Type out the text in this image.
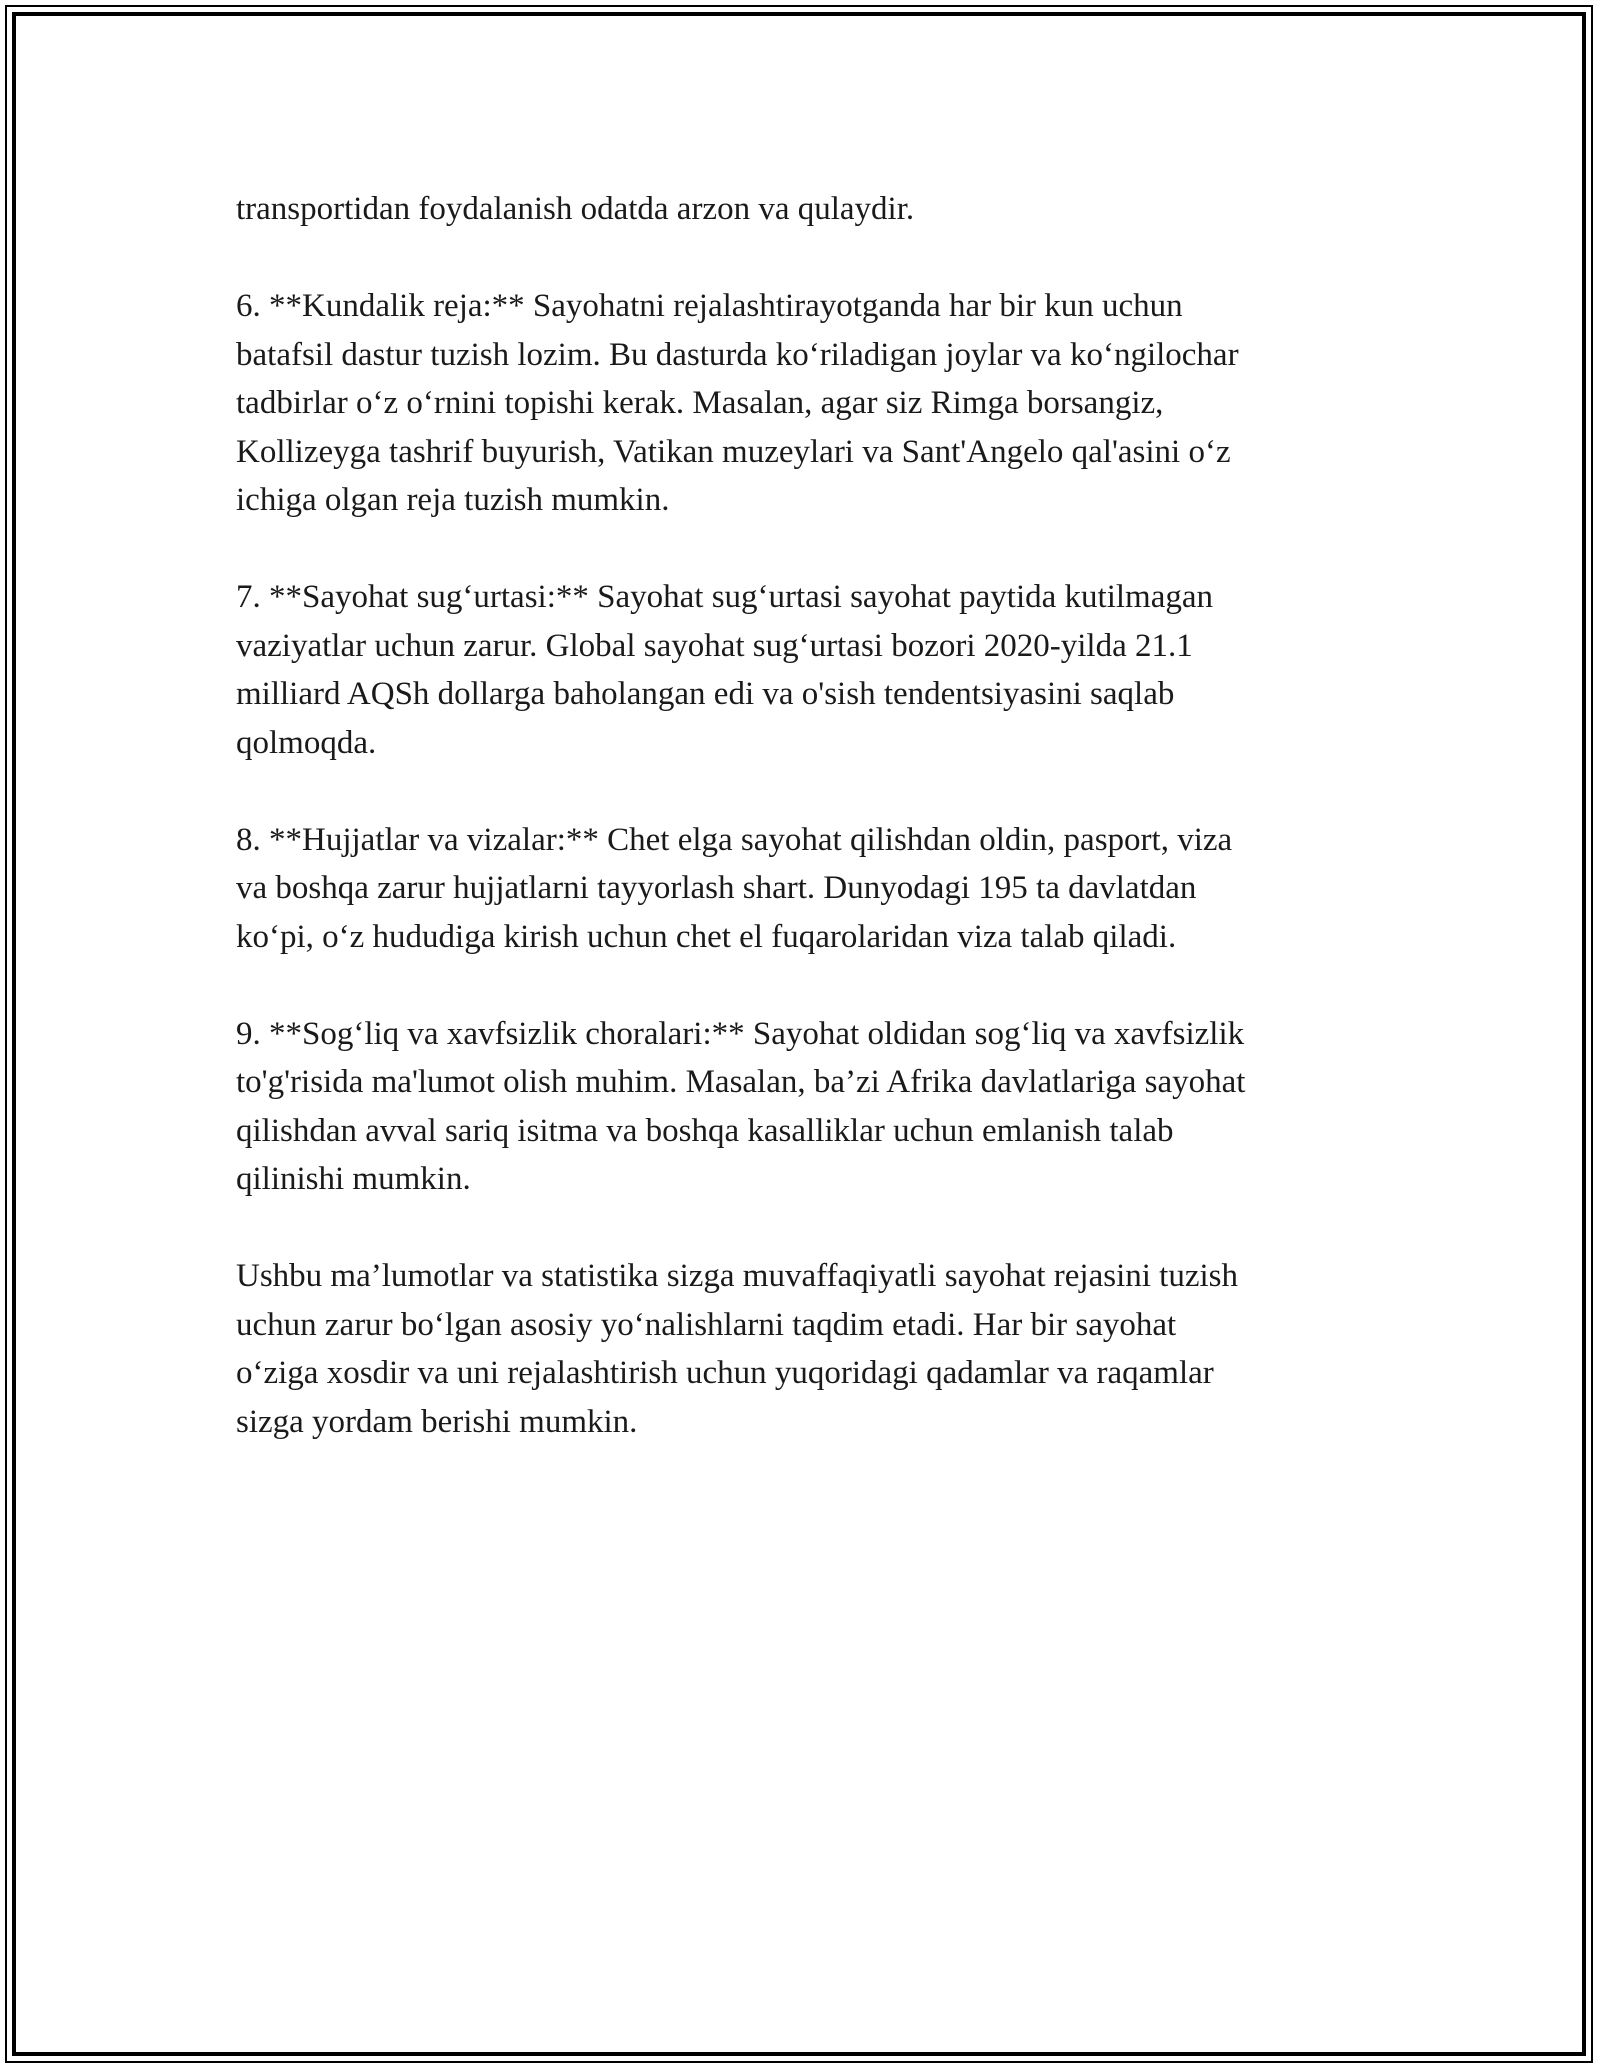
transportidan foydalanish odatda arzon va qulaydir.

6. **Kundalik reja:** Sayohatni rejalashtirayotganda har bir kun uchun
batafsil dastur tuzish lozim. Bu dasturda ko‘riladigan joylar va ko‘ngilochar
tadbirlar o‘z o‘rnini topishi kerak. Masalan, agar siz Rimga borsangiz,
Kollizeyga tashrif buyurish, Vatikan muzeylari va Sant'Angelo qal'asini o‘z
ichiga olgan reja tuzish mumkin.

7. **Sayohat sug‘urtasi:** Sayohat sug‘urtasi sayohat paytida kutilmagan
vaziyatlar uchun zarur. Global sayohat sug‘urtasi bozori 2020-yilda 21.1
milliard AQSh dollarga baholangan edi va o'sish tendentsiyasini saqlab
qolmoqda.

8. **Hujjatlar va vizalar:** Chet elga sayohat qilishdan oldin, pasport, viza
va boshqa zarur hujjatlarni tayyorlash shart. Dunyodagi 195 ta davlatdan
ko‘pi, o‘z hududiga kirish uchun chet el fuqarolaridan viza talab qiladi.

9. **Sog‘liq va xavfsizlik choralari:** Sayohat oldidan sog‘liq va xavfsizlik
to'g'risida ma'lumot olish muhim. Masalan, ba’zi Afrika davlatlariga sayohat
qilishdan avval sariq isitma va boshqa kasalliklar uchun emlanish talab
qilinishi mumkin.

Ushbu ma’lumotlar va statistika sizga muvaffaqiyatli sayohat rejasini tuzish
uchun zarur bo‘lgan asosiy yo‘nalishlarni taqdim etadi. Har bir sayohat
o‘ziga xosdir va uni rejalashtirish uchun yuqoridagi qadamlar va raqamlar
sizga yordam berishi mumkin.
